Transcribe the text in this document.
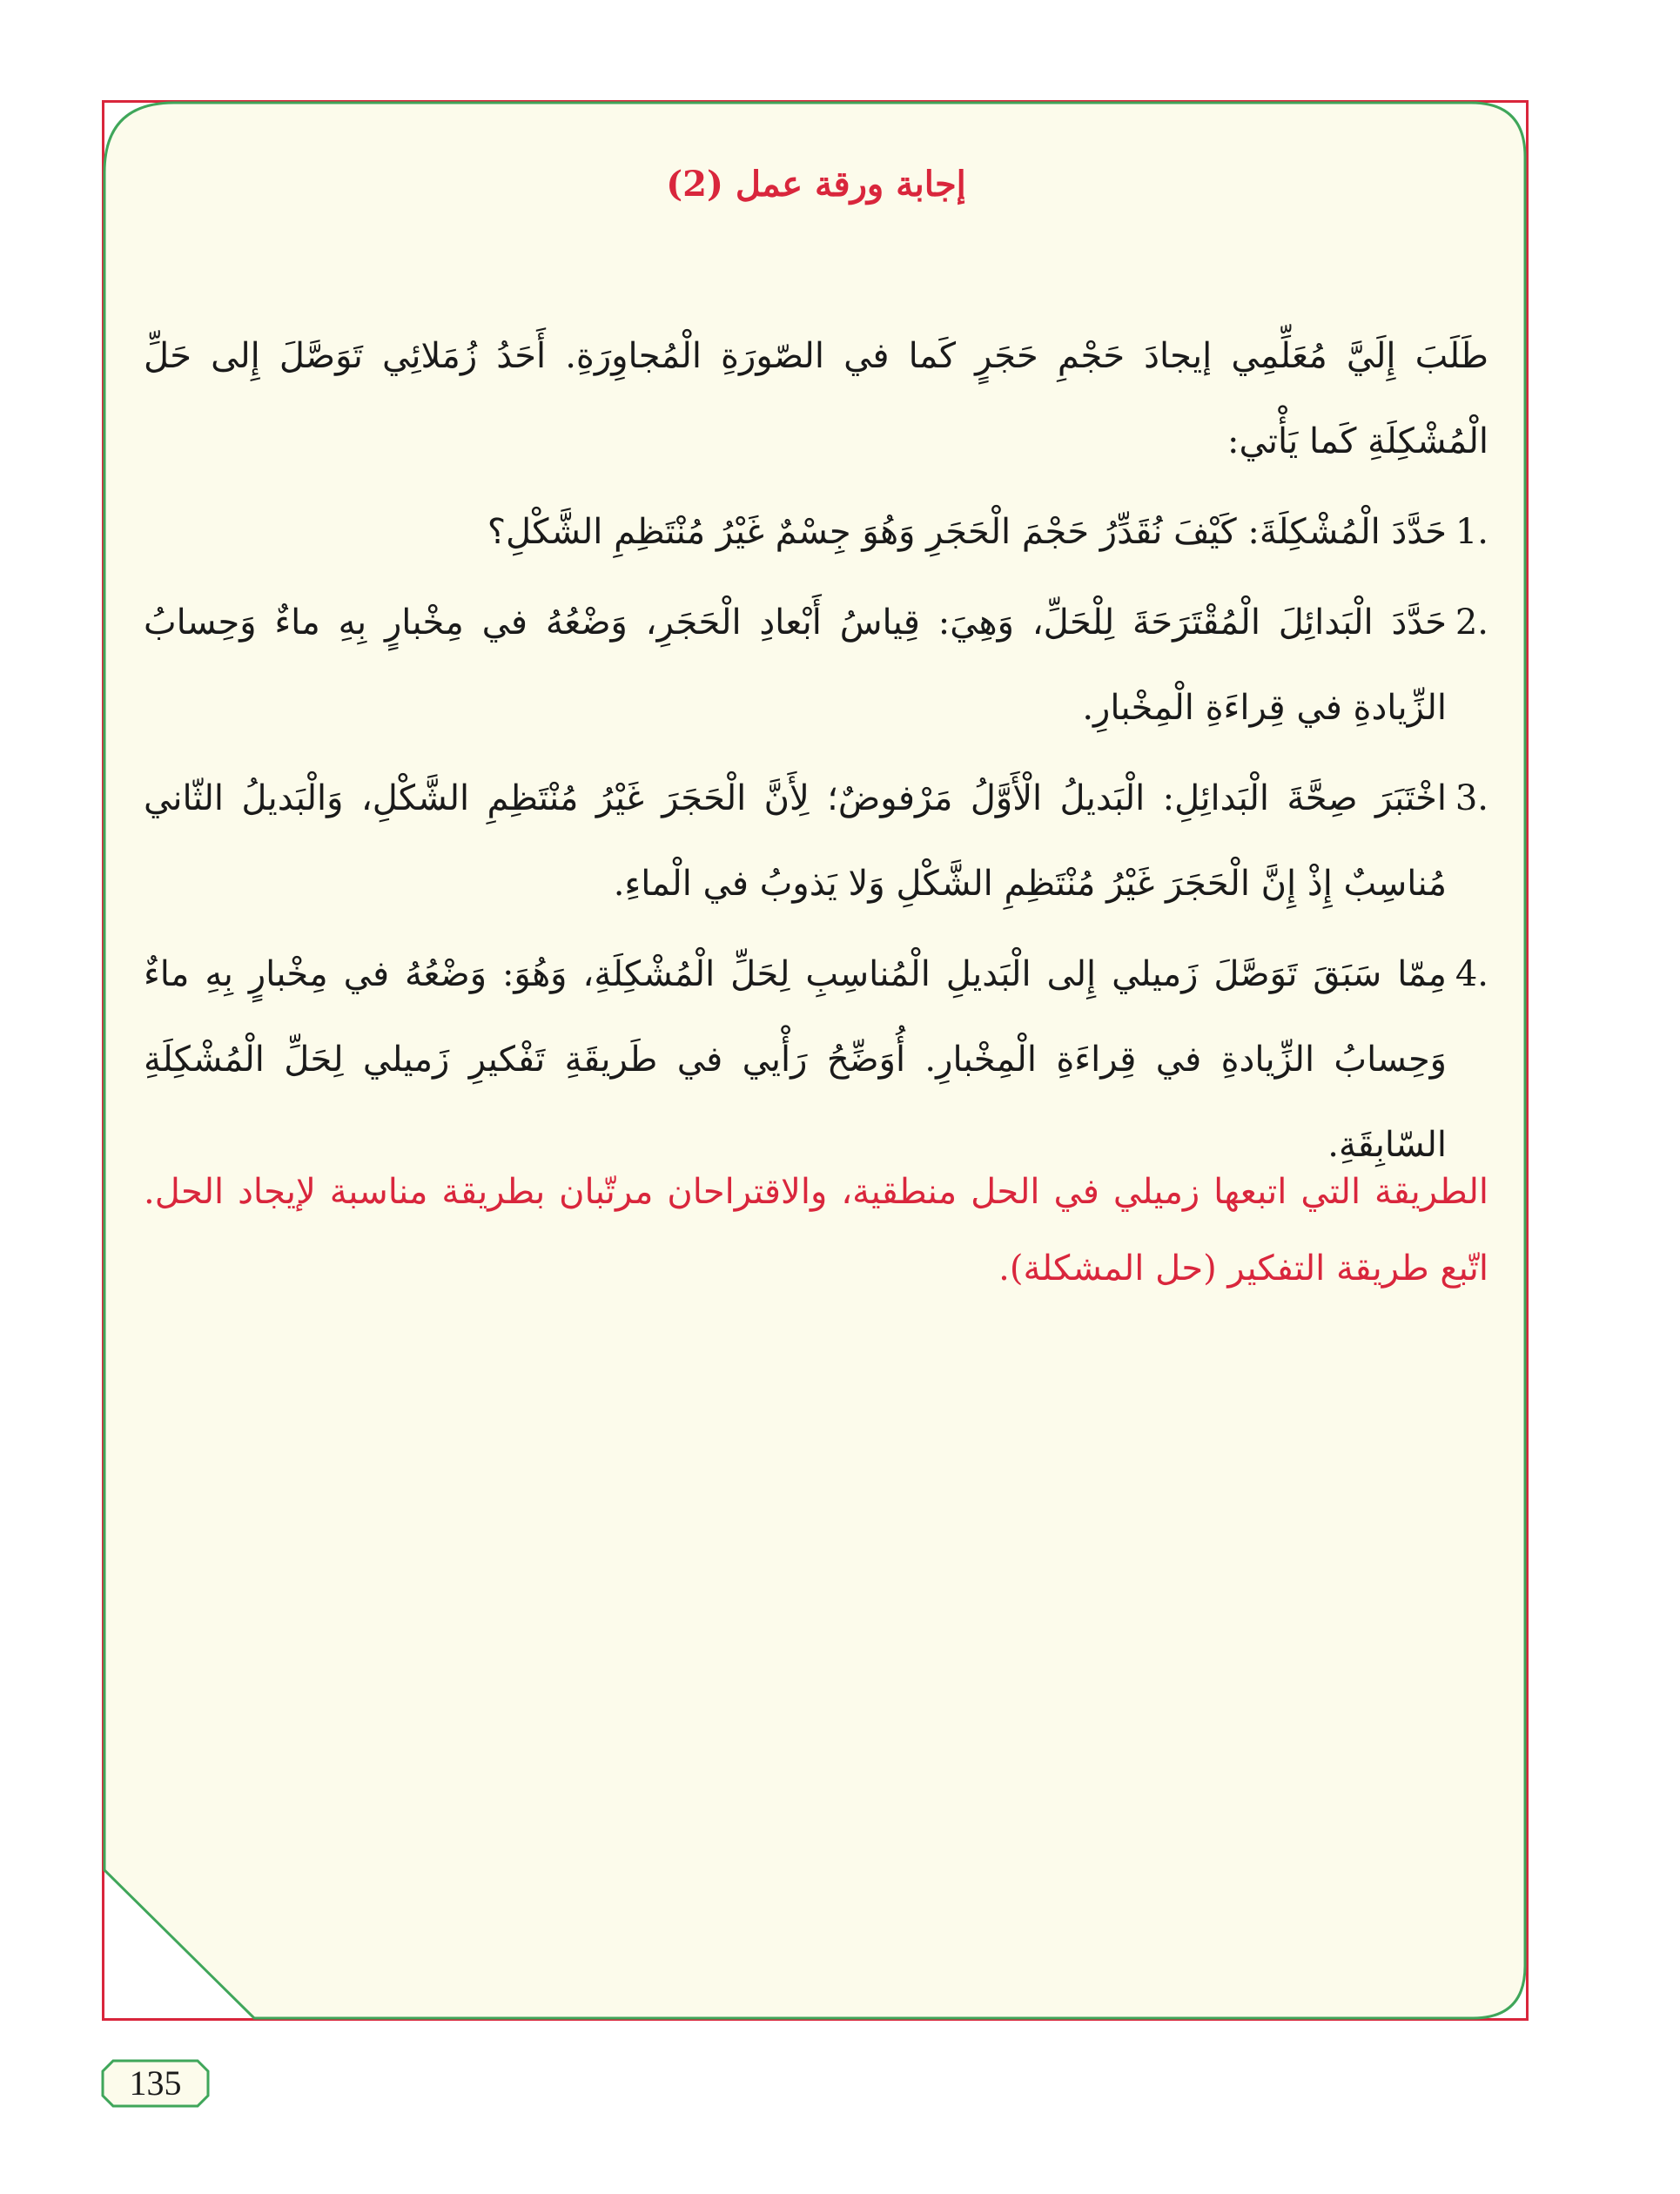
إجابة ورقة عمل (2)

طَلَبَ إِلَيَّ مُعَلِّمِي إيجادَ حَجْمِ حَجَرٍ كَما في الصّورَةِ الْمُجاوِرَةِ. أَحَدُ زُمَلائِي تَوَصَّلَ إِلى حَلِّ الْمُشْكِلَةِ كَما يَأْتي:

1.
حَدَّدَ الْمُشْكِلَةَ: كَيْفَ نُقَدِّرُ حَجْمَ الْحَجَرِ وَهُوَ جِسْمٌ غَيْرُ مُنْتَظِمِ الشَّكْلِ؟
2.
حَدَّدَ الْبَدائِلَ الْمُقْتَرَحَةَ لِلْحَلِّ، وَهِيَ: قِياسُ أَبْعادِ الْحَجَرِ، وَضْعُهُ في مِخْبارٍ بِهِ ماءٌ وَحِسابُ الزِّيادةِ في قِراءَةِ الْمِخْبارِ.
3.
اخْتَبَرَ صِحَّةَ الْبَدائِلِ: الْبَديلُ الْأَوَّلُ مَرْفوضٌ؛ لِأَنَّ الْحَجَرَ غَيْرُ مُنْتَظِمِ الشَّكْلِ، وَالْبَديلُ الثّاني مُناسِبٌ إِذْ إِنَّ الْحَجَرَ غَيْرُ مُنْتَظِمِ الشَّكْلِ وَلا يَذوبُ في الْماءِ.
4.
مِمّا سَبَقَ تَوَصَّلَ زَميلي إِلى الْبَديلِ الْمُناسِبِ لِحَلِّ الْمُشْكِلَةِ، وَهُوَ: وَضْعُهُ في مِخْبارٍ بِهِ ماءٌ وَحِسابُ الزِّيادةِ في قِراءَةِ الْمِخْبارِ. أُوَضِّحُ رَأْيي في طَريقَةِ تَفْكيرِ زَميلي لِحَلِّ الْمُشْكِلَةِ السّابِقَةِ.

الطريقة التي اتبعها زميلي في الحل منطقية، والاقتراحان مرتّبان بطريقة مناسبة لإيجاد الحل. اتّبع طريقة التفكير (حل المشكلة).

135
